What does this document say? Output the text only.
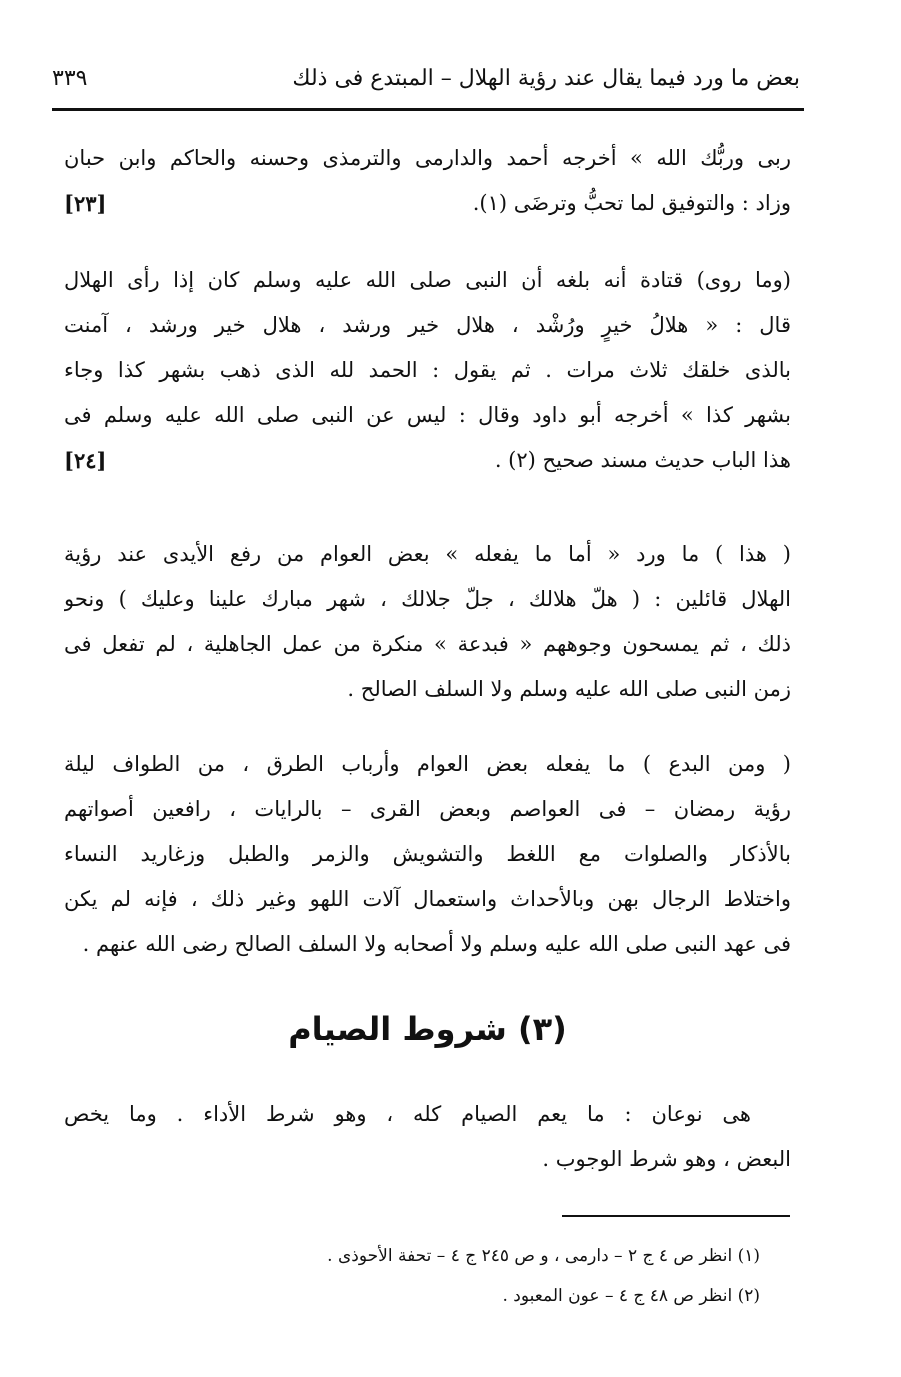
بعض ما ورد فيما يقال عند رؤية الهلال – المبتدع فى ذلك
٣٣٩
ربى وربُّك الله » أخرجه أحمد والدارمى والترمذى وحسنه والحاكم وابن حبان
وزاد : والتوفيق لما تحبُّ وترضَى (١).
[٢٣]
(وما روى) قتادة أنه بلغه أن النبى صلى الله عليه وسلم كان إذا رأى الهلال
قال : « هلالُ خيرٍ ورُشْد ، هلال خير ورشد ، هلال خير ورشد ، آمنت
بالذى خلقك ثلاث مرات . ثم يقول : الحمد لله الذى ذهب بشهر كذا وجاء
بشهر كذا » أخرجه أبو داود وقال : ليس عن النبى صلى الله عليه وسلم فى
هذا الباب حديث مسند صحيح (٢) .
[٢٤]
( هذا ) ما ورد « أما ما يفعله » بعض العوام من رفع الأيدى عند رؤية
الهلال قائلين : ( هلّ هلالك ، جلّ جلالك ، شهر مبارك علينا وعليك ) ونحو
ذلك ، ثم يمسحون وجوههم « فبدعة » منكرة من عمل الجاهلية ، لم تفعل فى
زمن النبى صلى الله عليه وسلم ولا السلف الصالح .
( ومن البدع ) ما يفعله بعض العوام وأرباب الطرق ، من الطواف ليلة
رؤية رمضان – فى العواصم وبعض القرى – بالرايات ، رافعين أصواتهم
بالأذكار والصلوات مع اللغط والتشويش والزمر والطبل وزغاريد النساء
واختلاط الرجال بهن وبالأحداث واستعمال آلات اللهو وغير ذلك ، فإنه لم يكن
فى عهد النبى صلى الله عليه وسلم ولا أصحابه ولا السلف الصالح رضى الله عنهم .
(٣) شروط الصيام
هى نوعان : ما يعم الصيام كله ، وهو شرط الأداء . وما يخص
البعض ، وهو شرط الوجوب .
(١) انظر ص ٤ ج ٢ – دارمى ، و ص ٢٤٥ ج ٤ – تحفة الأحوذى .
(٢) انظر ص ٤٨ ج ٤ – عون المعبود .
